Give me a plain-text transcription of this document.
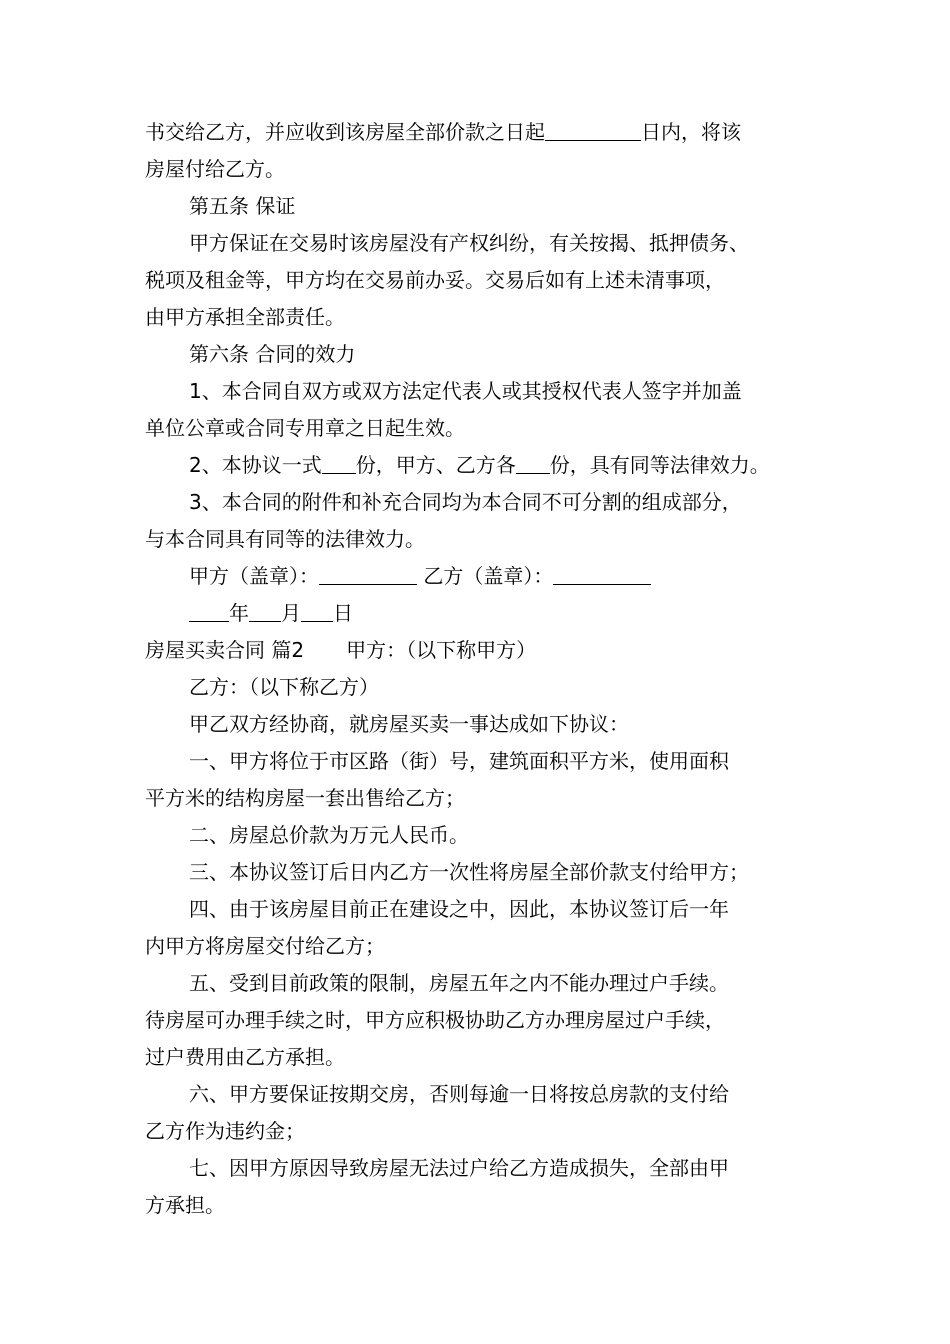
书交给乙方，并应收到该房屋全部价款之日起	日内，将该
房屋付给乙方。
第五条 保证
甲方保证在交易时该房屋没有产权纠纷，有关按揭、抵押债务、
税项及租金等，甲方均在交易前办妥。交易后如有上述未清事项，
由甲方承担全部责任。
第六条 合同的效力
1、本合同自双方或双方法定代表人或其授权代表人签字并加盖
单位公章或合同专用章之日起生效。
2、本协议一式 份，甲方、乙方各 份，具有同等法律效力。
3、本合同的附件和补充合同均为本合同不可分割的组成部分，
与本合同具有同等的法律效力。
甲方（盖章）：	乙方（盖章）：
年 月 日
房屋买卖合同 篇2 甲方：（以下称甲方）
乙方：（以下称乙方）
甲乙双方经协商，就房屋买卖一事达成如下协议：
一、甲方将位于市区路（街）号，建筑面积平方米，使用面积
平方米的结构房屋一套出售给乙方；
二、房屋总价款为万元人民币。
三、本协议签订后日内乙方一次性将房屋全部价款支付给甲方；
四、由于该房屋目前正在建设之中，因此，本协议签订后一年
内甲方将房屋交付给乙方；
五、受到目前政策的限制，房屋五年之内不能办理过户手续。
待房屋可办理手续之时，甲方应积极协助乙方办理房屋过户手续，
过户费用由乙方承担。
六、甲方要保证按期交房，否则每逾一日将按总房款的支付给
乙方作为违约金；
七、因甲方原因导致房屋无法过户给乙方造成损失，全部由甲
方承担。
